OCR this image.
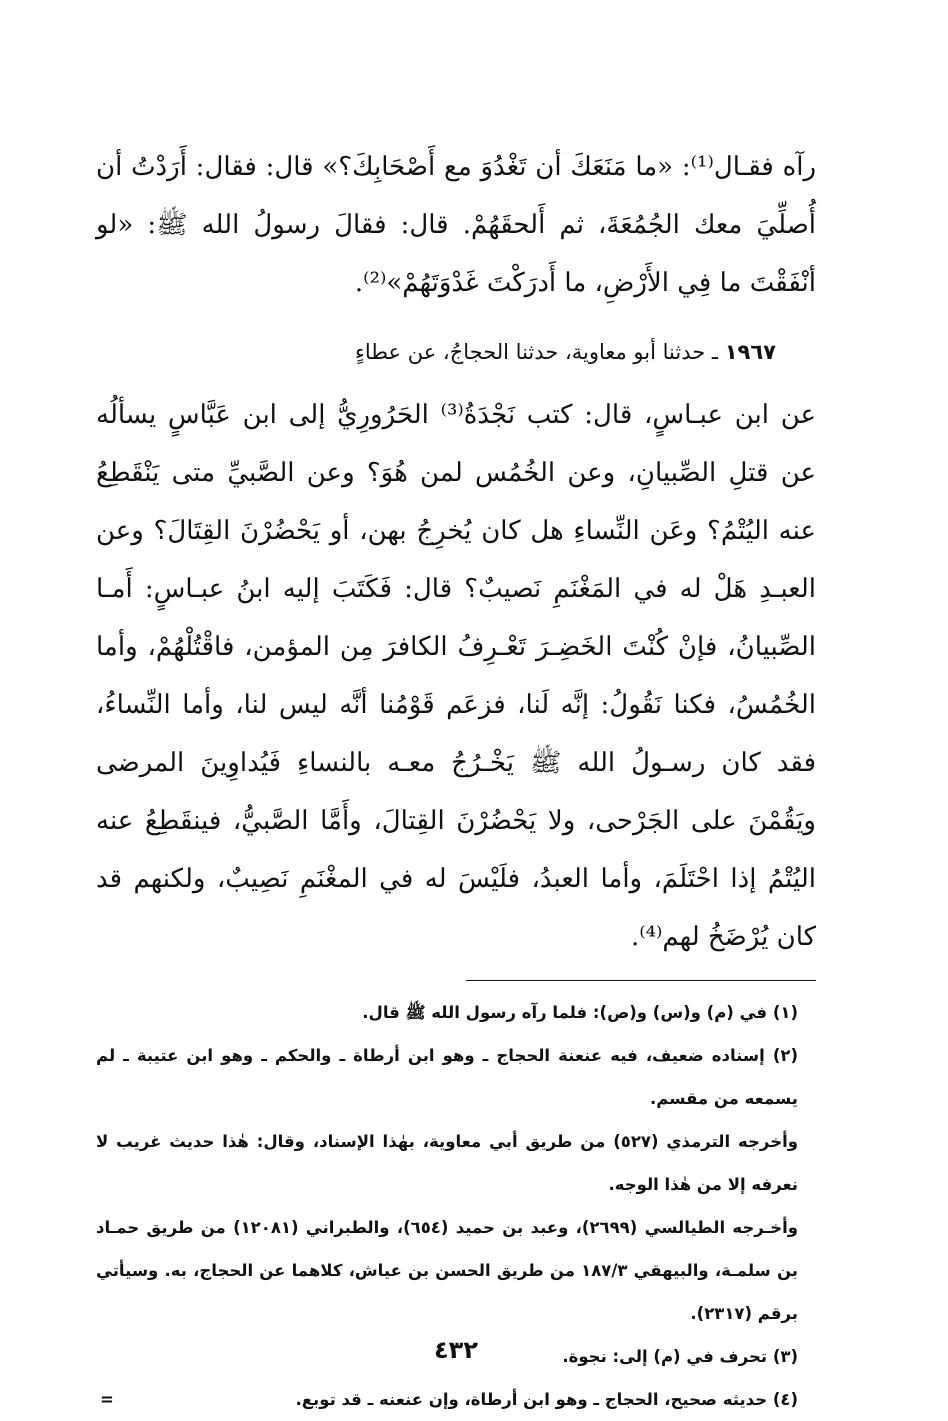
رآه فقـال⁽¹⁾: «ما مَنَعَكَ أن تَغْدُوَ مع أَصْحَابِكَ؟» قال: فقال: أَرَدْتُ أن أُصلِّيَ معك الجُمُعَةَ، ثم أَلحقَهُمْ. قال: فقالَ رسولُ الله ﷺ: «لو أنْفَقْتَ ما فِي الأَرْضِ، ما أَدرَكْتَ غَدْوَتَهُمْ»⁽²⁾.

١٩٦٧ ـ حدثنا أبو معاوية، حدثنا الحجاجُ، عن عطاءٍ

عن ابن عبـاسٍ، قال: كتب نَجْدَةُ⁽³⁾ الحَرُورِيُّ إلى ابن عَبَّاسٍ يسألُه عن قتلِ الصِّبيانِ، وعن الخُمُس لمن هُوَ؟ وعن الصَّبيِّ متى يَنْقَطِعُ عنه اليُتْمُ؟ وعَن النِّساءِ هل كان يُخرِجُ بهن، أو يَحْضُرْنَ القِتَالَ؟ وعن العبـدِ هَلْ له في المَغْنَمِ نَصيبٌ؟ قال: فَكَتَبَ إليه ابنُ عبـاسٍ: أَمـا الصِّبيانُ، فإنْ كُنْتَ الخَضِـرَ تَعْـرِفُ الكافرَ مِن المؤمن، فاقْتُلْهُمْ، وأما الخُمُسُ، فكنا نَقُولُ: إنَّه لَنا، فزعَم قَوْمُنا أنَّه ليس لنا، وأما النِّساءُ، فقد كان رسـولُ الله ﷺ يَخْـرُجُ معـه بالنساءِ فَيُداوِينَ المرضى ويَقُمْنَ على الجَرْحى، ولا يَحْضُرْنَ القِتالَ، وأَمَّا الصَّبيُّ، فينقَطِعُ عنه اليُتْمُ إذا احْتَلَمَ، وأما العبدُ، فلَيْسَ له في المغْنَمِ نَصِيبٌ، ولكنهم قد كان يُرْضَخُ لهم⁽⁴⁾.

(١) في (م) و(س) و(ص): فلما رآه رسول الله ﷺ قال.

(٢) إسناده ضعيف، فيه عنعنة الحجاج ـ وهو ابن أرطاة ـ والحكم ـ وهو ابن عتيبة ـ لم يسمعه من مقسم.

وأخرجه الترمذي (٥٢٧) من طريق أبي معاوية، بهٰذا الإسناد، وقال: هٰذا حديث غريب لا نعرفه إلا من هٰذا الوجه.

وأخـرجه الطيالسي (٢٦٩٩)، وعبد بن حميد (٦٥٤)، والطبراني (١٢٠٨١) من طريق حمـاد بن سلمـة، والبيهقي ١٨٧/٣ من طريق الحسن بن عياش، كلاهما عن الحجاج، به. وسيأتي برقم (٢٣١٧).

(٣) تحرف في (م) إلى: نجوة.

(٤) حديثه صحيح، الحجاج ـ وهو ابن أرطاة، وإن عنعنه ـ قد توبع.
=

٤٣٢
